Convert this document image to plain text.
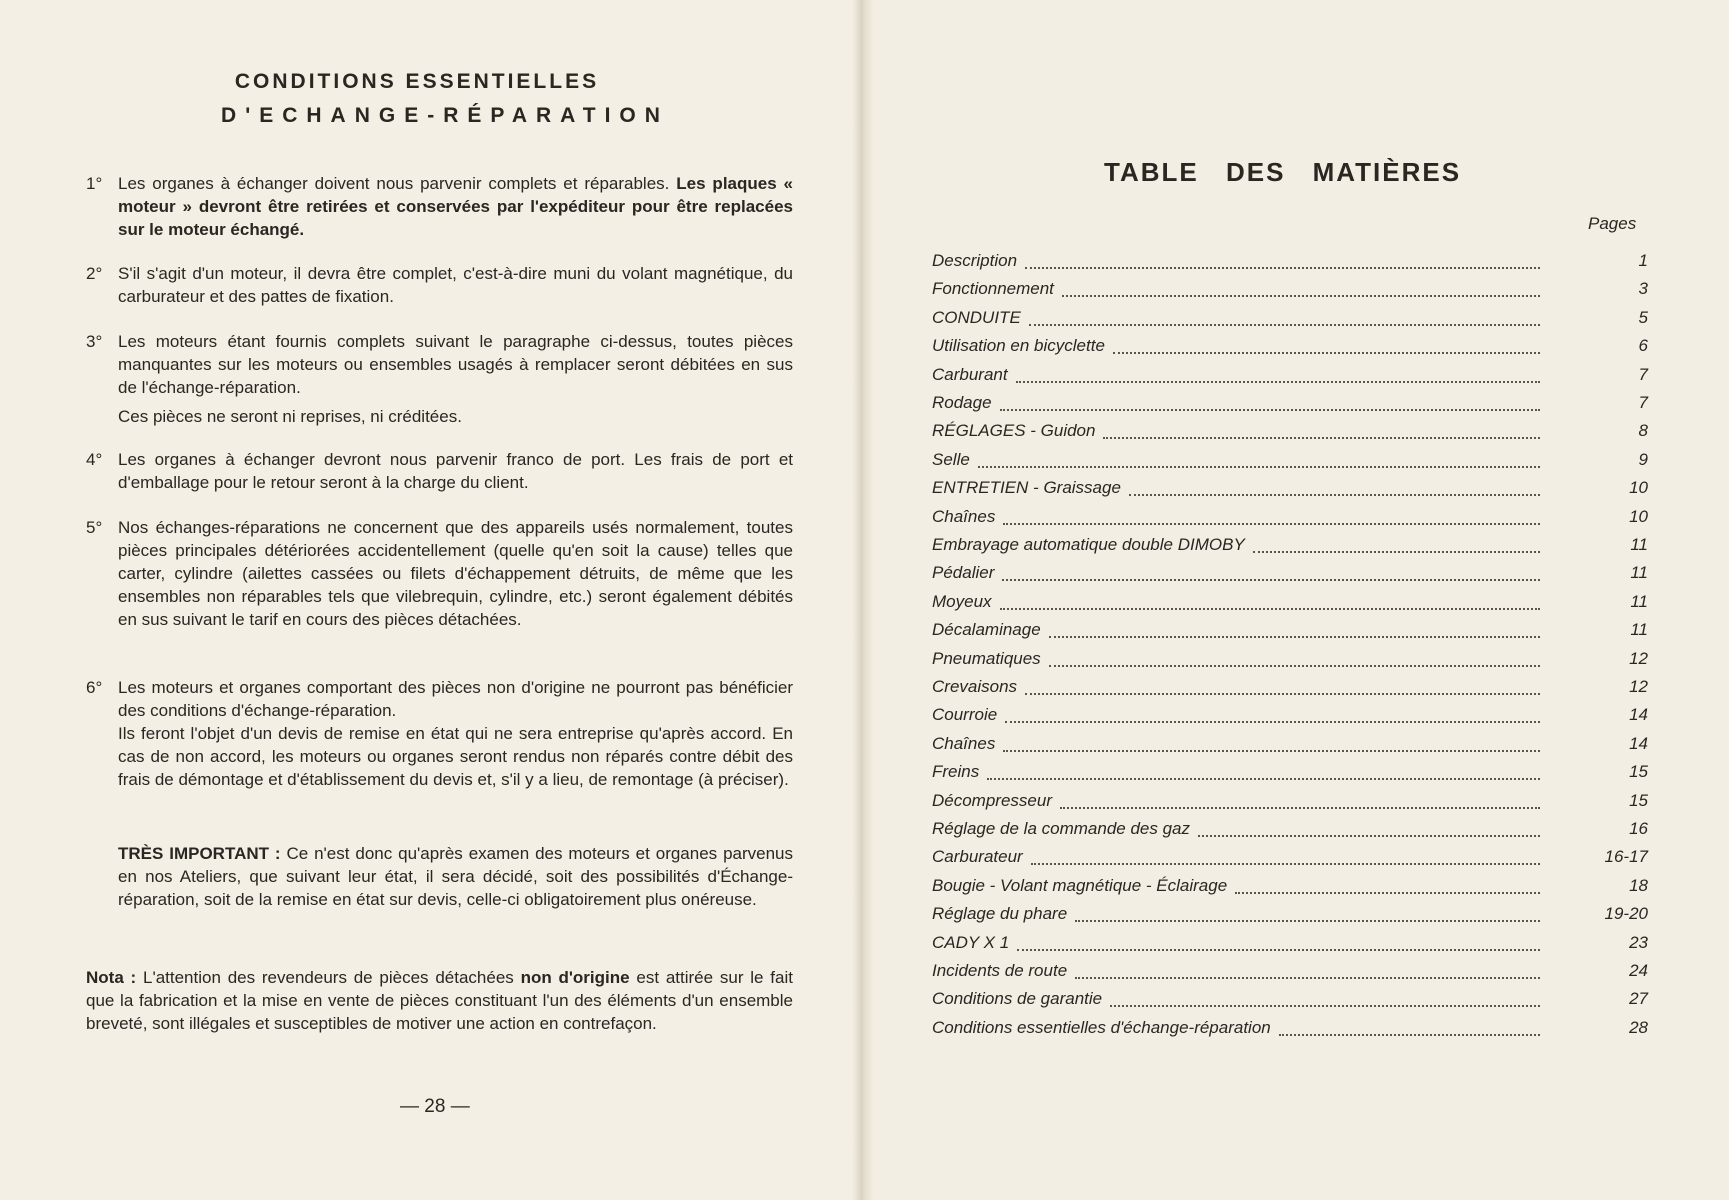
CONDITIONS ESSENTIELLES
D'ECHANGE-RÉPARATION
1° Les organes à échanger doivent nous parvenir complets et réparables. Les plaques « moteur » devront être retirées et conservées par l'expéditeur pour être replacées sur le moteur échangé.
2° S'il s'agit d'un moteur, il devra être complet, c'est-à-dire muni du volant magnétique, du carburateur et des pattes de fixation.
3° Les moteurs étant fournis complets suivant le paragraphe ci-dessus, toutes pièces manquantes sur les moteurs ou ensembles usagés à remplacer seront débitées en sus de l'échange-réparation.
Ces pièces ne seront ni reprises, ni créditées.
4° Les organes à échanger devront nous parvenir franco de port. Les frais de port et d'emballage pour le retour seront à la charge du client.
5° Nos échanges-réparations ne concernent que des appareils usés normalement, toutes pièces principales détériorées accidentellement (quelle qu'en soit la cause) telles que carter, cylindre (ailettes cassées ou filets d'échappement détruits, de même que les ensembles non réparables tels que vilebrequin, cylindre, etc.) seront également débités en sus suivant le tarif en cours des pièces détachées.
6° Les moteurs et organes comportant des pièces non d'origine ne pourront pas bénéficier des conditions d'échange-réparation.
Ils feront l'objet d'un devis de remise en état qui ne sera entreprise qu'après accord. En cas de non accord, les moteurs ou organes seront rendus non réparés contre débit des frais de démontage et d'établissement du devis et, s'il y a lieu, de remontage (à préciser).
TRÈS IMPORTANT : Ce n'est donc qu'après examen des moteurs et organes parvenus en nos Ateliers, que suivant leur état, il sera décidé, soit des possibilités d'Échange-réparation, soit de la remise en état sur devis, celle-ci obligatoirement plus onéreuse.
Nota : L'attention des revendeurs de pièces détachées non d'origine est attirée sur le fait que la fabrication et la mise en vente de pièces constituant l'un des éléments d'un ensemble breveté, sont illégales et susceptibles de motiver une action en contrefaçon.
— 28 —
TABLE DES MATIÈRES
Pages
Description	1
Fonctionnement	3
CONDUITE	5
Utilisation en bicyclette	6
Carburant	7
Rodage	7
RÉGLAGES - Guidon	8
Selle	9
ENTRETIEN - Graissage	10
Chaînes	10
Embrayage automatique double DIMOBY	11
Pédalier	11
Moyeux	11
Décalaminage	11
Pneumatiques	12
Crevaisons	12
Courroie	14
Chaînes	14
Freins	15
Décompresseur	15
Réglage de la commande des gaz	16
Carburateur	16-17
Bougie - Volant magnétique - Éclairage	18
Réglage du phare	19-20
CADY X 1	23
Incidents de route	24
Conditions de garantie	27
Conditions essentielles d'échange-réparation	28
